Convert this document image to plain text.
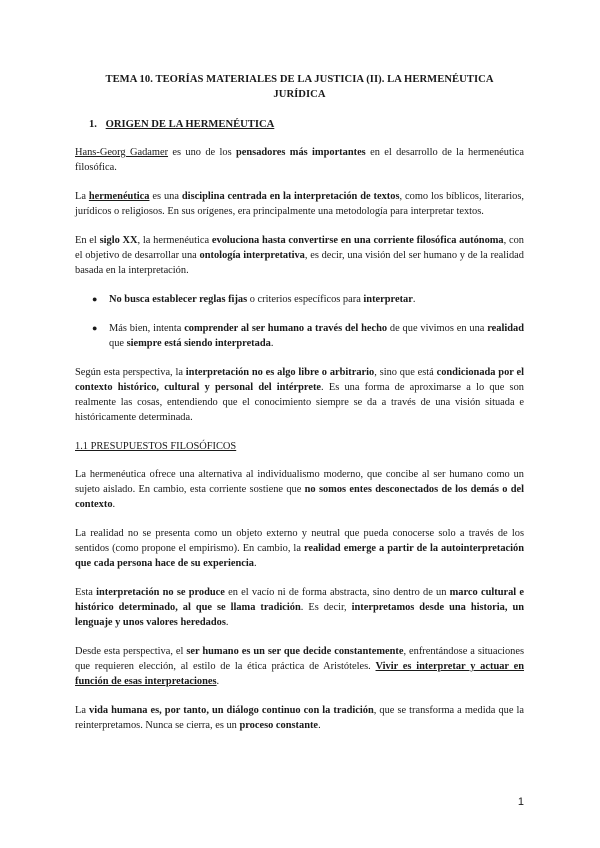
TEMA 10. TEORÍAS MATERIALES DE LA JUSTICIA (II). LA HERMENÉUTICA
JURÍDICA
1. ORIGEN DE LA HERMENÉUTICA

Hans-Georg Gadamer es uno de los pensadores más importantes en el desarrollo de la hermenéutica filosófica.

La hermenéutica es una disciplina centrada en la interpretación de textos, como los bíblicos, literarios, jurídicos o religiosos. En sus orígenes, era principalmente una metodología para interpretar textos.

En el siglo XX, la hermenéutica evoluciona hasta convertirse en una corriente filosófica autónoma, con el objetivo de desarrollar una ontología interpretativa, es decir, una visión del ser humano y de la realidad basada en la interpretación.

● No busca establecer reglas fijas o criterios específicos para interpretar.
● Más bien, intenta comprender al ser humano a través del hecho de que vivimos en una realidad que siempre está siendo interpretada.

Según esta perspectiva, la interpretación no es algo libre o arbitrario, sino que está condicionada por el contexto histórico, cultural y personal del intérprete. Es una forma de aproximarse a lo que son realmente las cosas, entendiendo que el conocimiento siempre se da a través de una visión situada e históricamente determinada.

1.1 PRESUPUESTOS FILOSÓFICOS

La hermenéutica ofrece una alternativa al individualismo moderno, que concibe al ser humano como un sujeto aislado. En cambio, esta corriente sostiene que no somos entes desconectados de los demás o del contexto.

La realidad no se presenta como un objeto externo y neutral que pueda conocerse solo a través de los sentidos (como propone el empirismo). En cambio, la realidad emerge a partir de la autointerpretación que cada persona hace de su experiencia.

Esta interpretación no se produce en el vacío ni de forma abstracta, sino dentro de un marco cultural e histórico determinado, al que se llama tradición. Es decir, interpretamos desde una historia, un lenguaje y unos valores heredados.

Desde esta perspectiva, el ser humano es un ser que decide constantemente, enfrentándose a situaciones que requieren elección, al estilo de la ética práctica de Aristóteles. Vivir es interpretar y actuar en función de esas interpretaciones.

La vida humana es, por tanto, un diálogo continuo con la tradición, que se transforma a medida que la reinterpretamos. Nunca se cierra, es un proceso constante.

1
